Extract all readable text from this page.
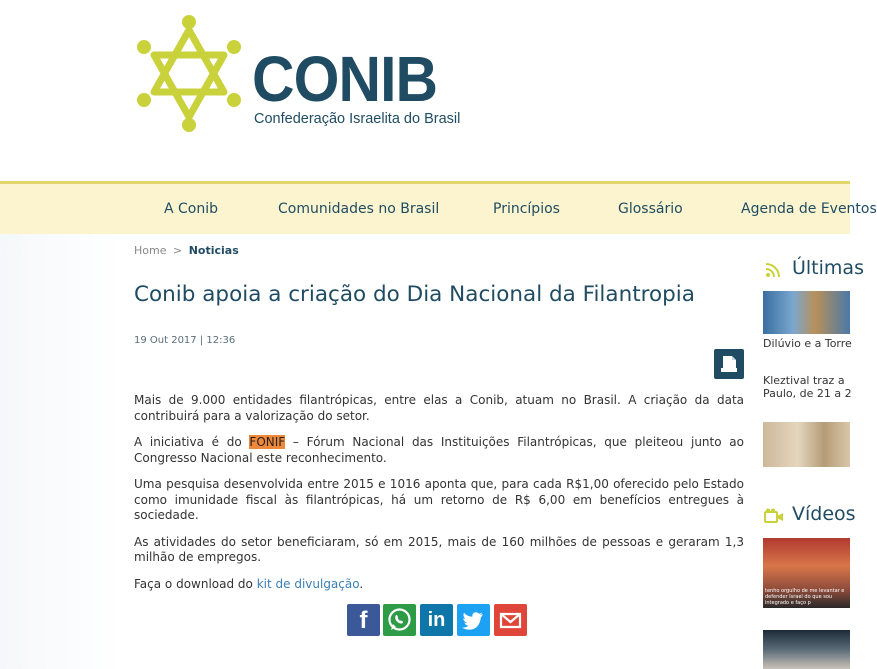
CONIB
Confederação Israelita do Brasil
A Conib	Comunidades no Brasil	Princípios	Glossário	Agenda de Eventos
Home > Noticias
Conib apoia a criação do Dia Nacional da Filantropia
19 Out 2017 | 12:36

Mais de 9.000 entidades filantrópicas, entre elas a Conib, atuam no Brasil. A criação da data contribuirá para a valorização do setor.

A iniciativa é do FONIF – Fórum Nacional das Instituições Filantrópicas, que pleiteou junto ao Congresso Nacional este reconhecimento.

Uma pesquisa desenvolvida entre 2015 e 1016 aponta que, para cada R$1,00 oferecido pelo Estado como imunidade fiscal às filantrópicas, há um retorno de R$ 6,00 em benefícios entregues à sociedade.

As atividades do setor beneficiaram, só em 2015, mais de 160 milhões de pessoas e geraram 1,3 milhão de empregos.

Faça o download do kit de divulgação.

f	in
Últimas
Dilúvio e a Torre
Kleztival traz a
Paulo, de 21 a 2
Vídeos
tenho orgulho de me levantar e defender Israel do que sou integrado e faço p
